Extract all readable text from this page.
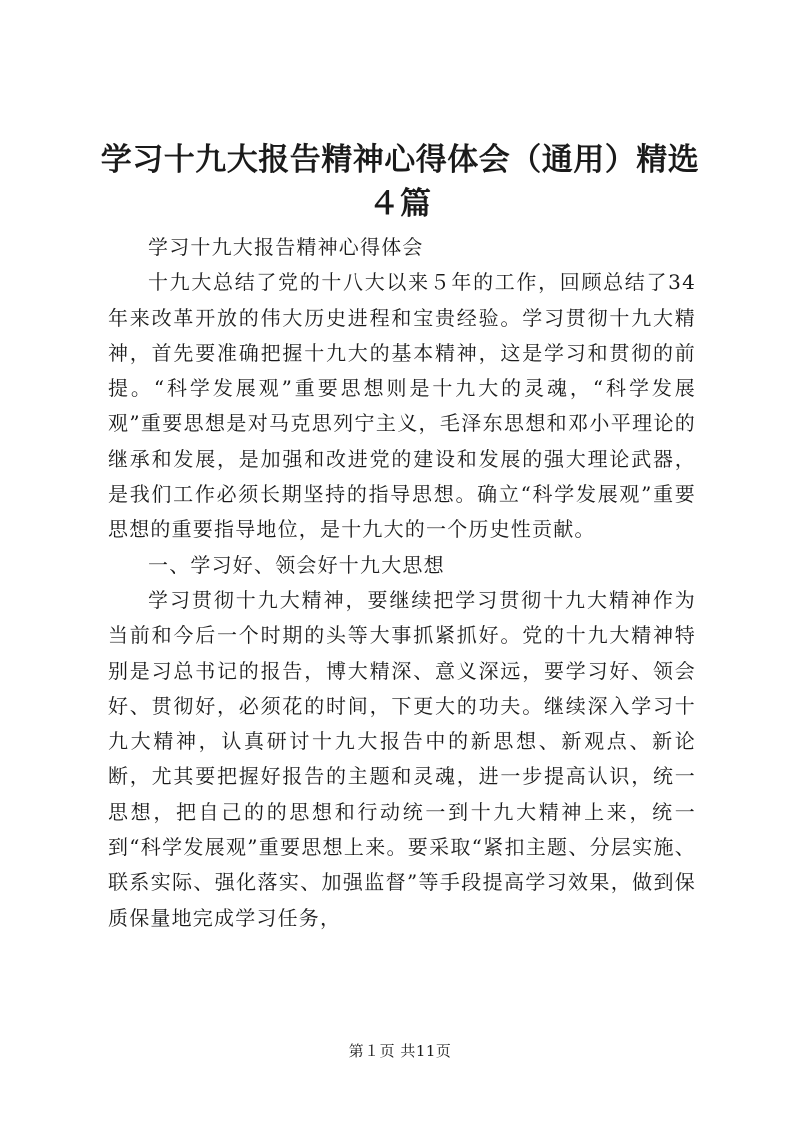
学习十九大报告精神心得体会（通用）精选４篇

学习十九大报告精神心得体会

十九大总结了党的十八大以来５年的工作，回顾总结了34年来改革开放的伟大历史进程和宝贵经验。学习贯彻十九大精神，首先要准确把握十九大的基本精神，这是学习和贯彻的前提。“科学发展观”重要思想则是十九大的灵魂，“科学发展观”重要思想是对马克思列宁主义，毛泽东思想和邓小平理论的继承和发展，是加强和改进党的建设和发展的强大理论武器，是我们工作必须长期坚持的指导思想。确立“科学发展观”重要思想的重要指导地位，是十九大的一个历史性贡献。

一、学习好、领会好十九大思想

学习贯彻十九大精神，要继续把学习贯彻十九大精神作为当前和今后一个时期的头等大事抓紧抓好。党的十九大精神特别是习总书记的报告，博大精深、意义深远，要学习好、领会好、贯彻好，必须花的时间，下更大的功夫。继续深入学习十九大精神，认真研讨十九大报告中的新思想、新观点、新论断，尤其要把握好报告的主题和灵魂，进一步提高认识，统一思想，把自己的的思想和行动统一到十九大精神上来，统一到“科学发展观”重要思想上来。要采取“紧扣主题、分层实施、联系实际、强化落实、加强监督”等手段提高学习效果，做到保质保量地完成学习任务，

第１页 共11页
